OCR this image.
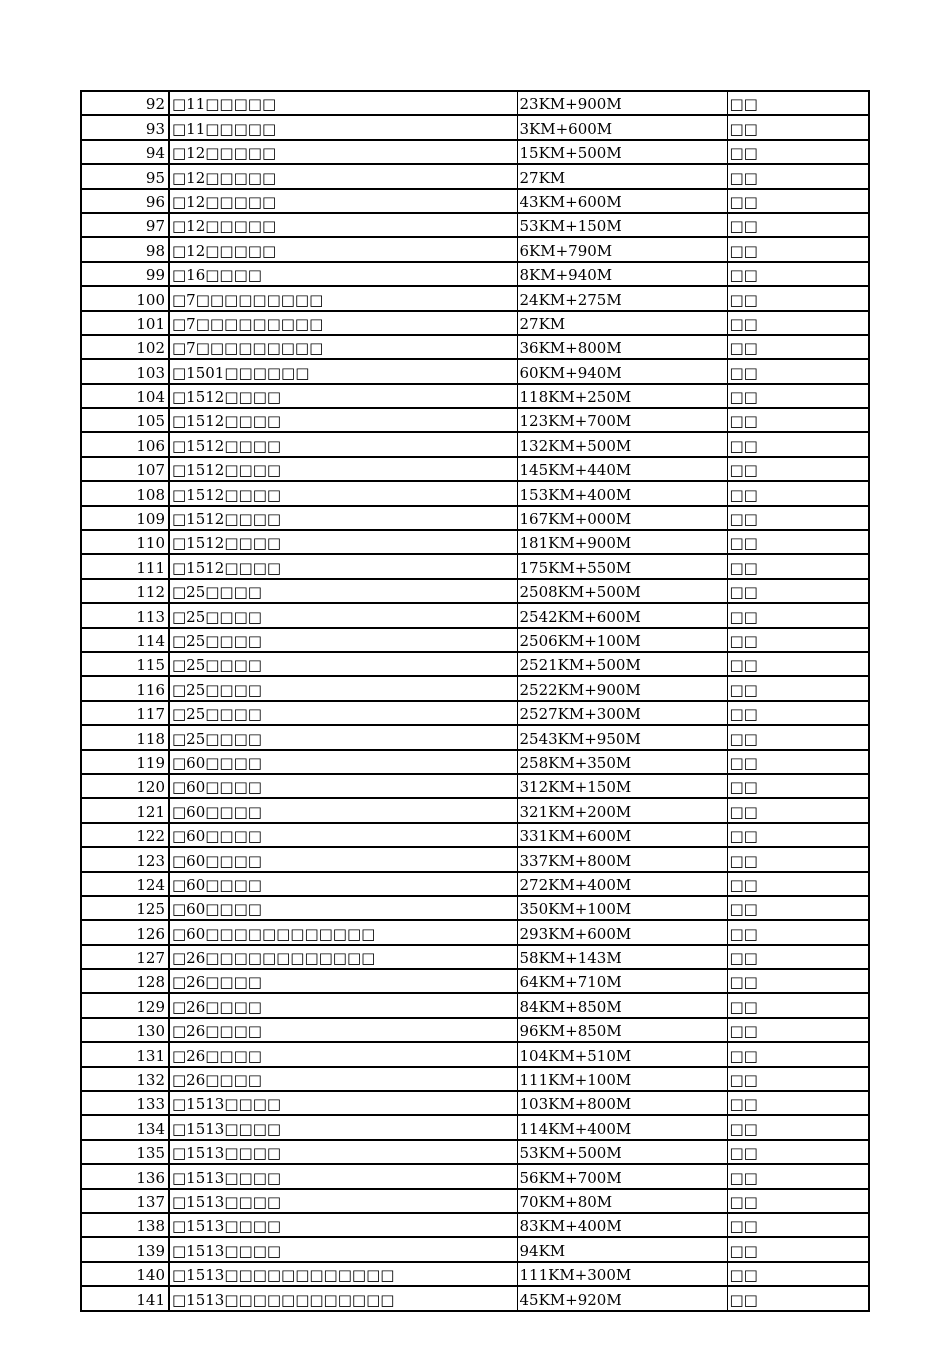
92	□11□□□□□	23KM+900M	□□
93	□11□□□□□	3KM+600M	□□
94	□12□□□□□	15KM+500M	□□
95	□12□□□□□	27KM	□□
96	□12□□□□□	43KM+600M	□□
97	□12□□□□□	53KM+150M	□□
98	□12□□□□□	6KM+790M	□□
99	□16□□□□	8KM+940M	□□
100	□7□□□□□□□□□	24KM+275M	□□
101	□7□□□□□□□□□	27KM	□□
102	□7□□□□□□□□□	36KM+800M	□□
103	□1501□□□□□□	60KM+940M	□□
104	□1512□□□□	118KM+250M	□□
105	□1512□□□□	123KM+700M	□□
106	□1512□□□□	132KM+500M	□□
107	□1512□□□□	145KM+440M	□□
108	□1512□□□□	153KM+400M	□□
109	□1512□□□□	167KM+000M	□□
110	□1512□□□□	181KM+900M	□□
111	□1512□□□□	175KM+550M	□□
112	□25□□□□	2508KM+500M	□□
113	□25□□□□	2542KM+600M	□□
114	□25□□□□	2506KM+100M	□□
115	□25□□□□	2521KM+500M	□□
116	□25□□□□	2522KM+900M	□□
117	□25□□□□	2527KM+300M	□□
118	□25□□□□	2543KM+950M	□□
119	□60□□□□	258KM+350M	□□
120	□60□□□□	312KM+150M	□□
121	□60□□□□	321KM+200M	□□
122	□60□□□□	331KM+600M	□□
123	□60□□□□	337KM+800M	□□
124	□60□□□□	272KM+400M	□□
125	□60□□□□	350KM+100M	□□
126	□60□□□□□□□□□□□□	293KM+600M	□□
127	□26□□□□□□□□□□□□	58KM+143M	□□
128	□26□□□□	64KM+710M	□□
129	□26□□□□	84KM+850M	□□
130	□26□□□□	96KM+850M	□□
131	□26□□□□	104KM+510M	□□
132	□26□□□□	111KM+100M	□□
133	□1513□□□□	103KM+800M	□□
134	□1513□□□□	114KM+400M	□□
135	□1513□□□□	53KM+500M	□□
136	□1513□□□□	56KM+700M	□□
137	□1513□□□□	70KM+80M	□□
138	□1513□□□□	83KM+400M	□□
139	□1513□□□□	94KM	□□
140	□1513□□□□□□□□□□□□	111KM+300M	□□
141	□1513□□□□□□□□□□□□	45KM+920M	□□
